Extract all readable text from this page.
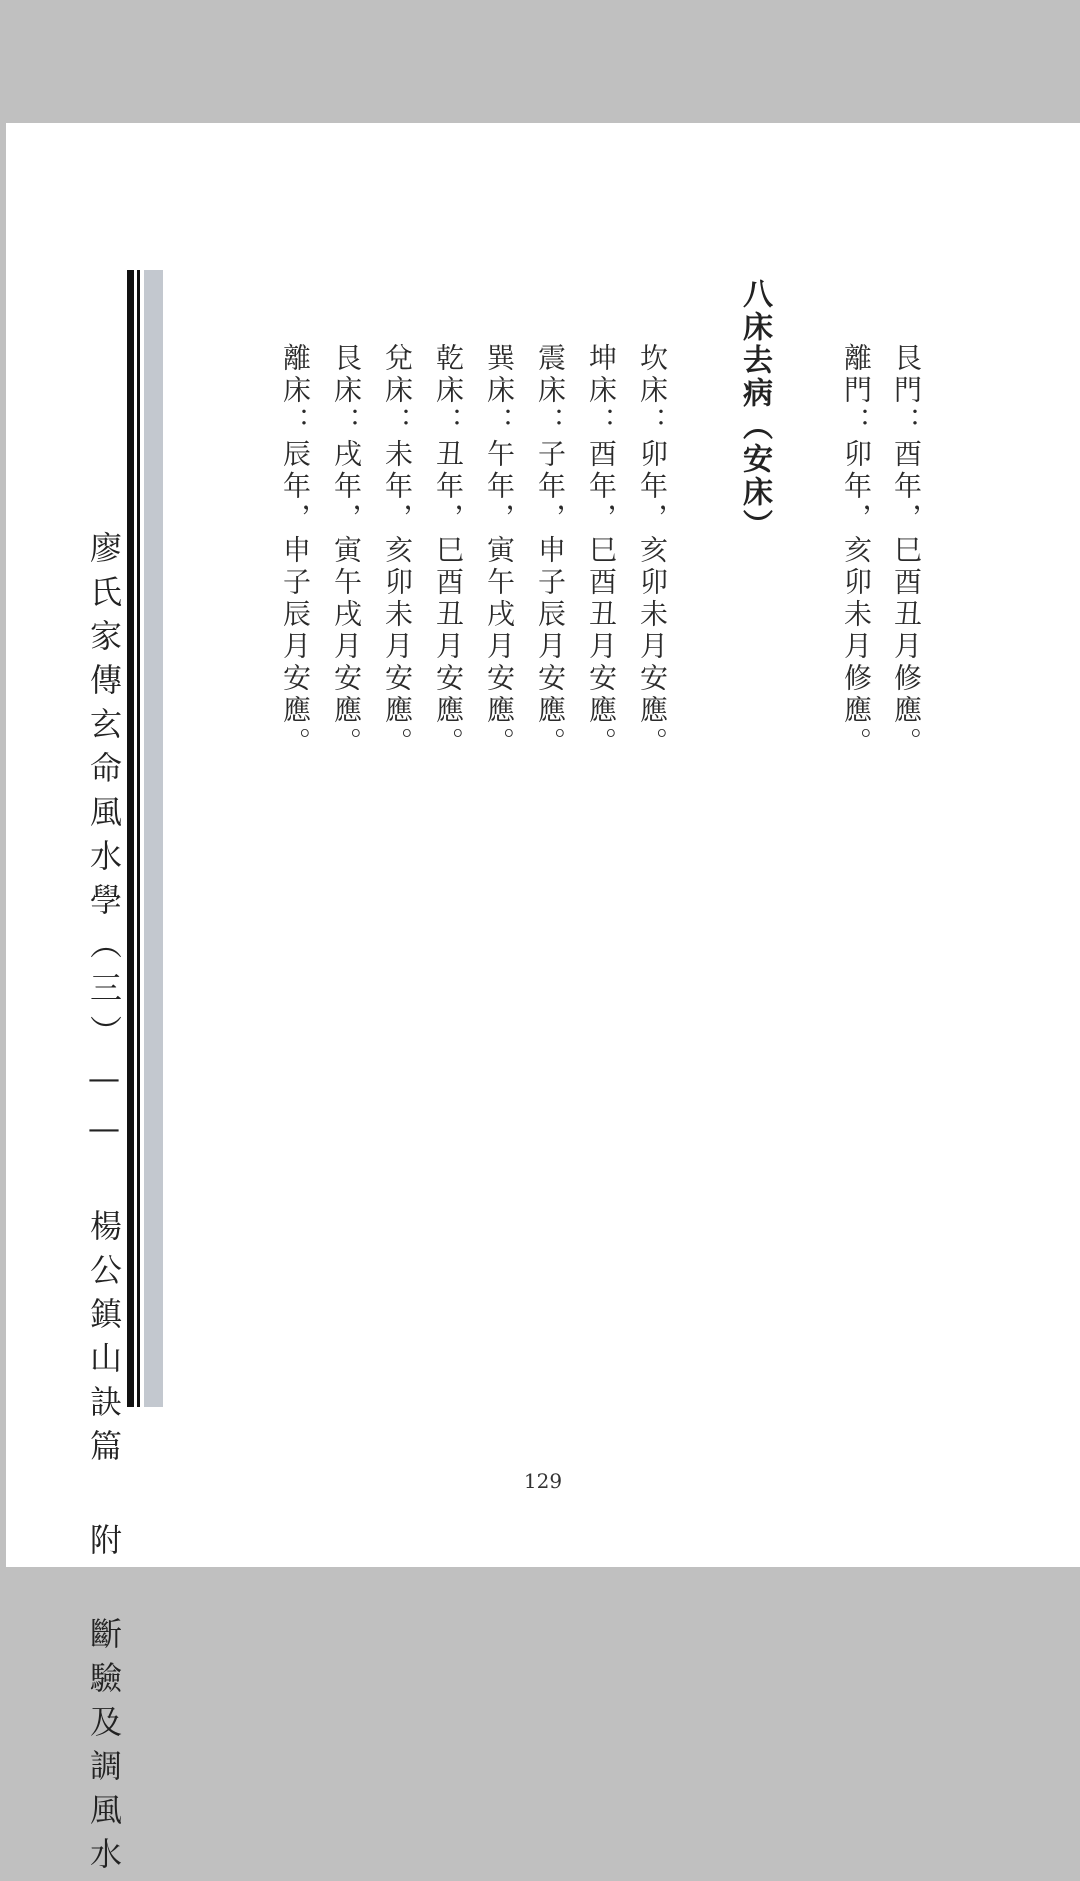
艮門：酉年，巳酉丑月修應。
離門：卯年，亥卯未月修應。
八床去病（安床）
坎床：卯年，亥卯未月安應。
坤床：酉年，巳酉丑月安應。
震床：子年，申子辰月安應。
巽床：午年，寅午戌月安應。
乾床：丑年，巳酉丑月安應。
兌床：未年，亥卯未月安應。
艮床：戌年，寅午戌月安應。
離床：辰年，申子辰月安應。
廖氏家傳玄命風水學（三）—— 楊公鎮山訣篇 附 斷驗及調風水	129
